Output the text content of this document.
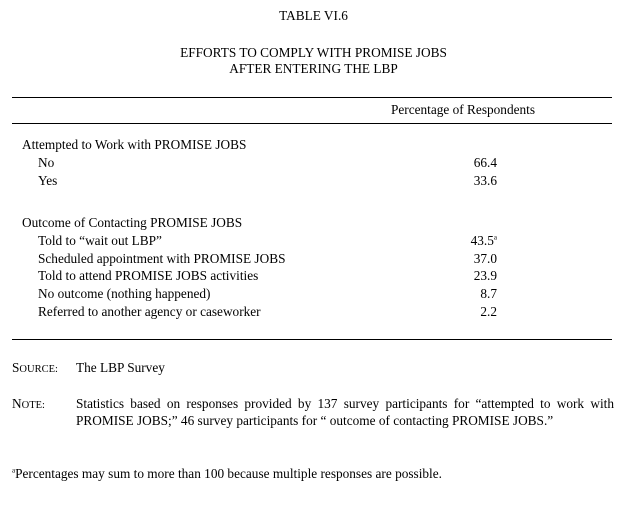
TABLE VI.6
EFFORTS TO COMPLY WITH PROMISE JOBS
AFTER ENTERING THE LBP
Percentage of Respondents
Attempted to Work with PROMISE JOBS
No	66.4
Yes	33.6
Outcome of Contacting PROMISE JOBS
Told to “wait out LBP”	43.5$^a$
Scheduled appointment with PROMISE JOBS	37.0
Told to attend PROMISE JOBS activities	23.9
No outcome (nothing happened)	8.7
Referred to another agency or caseworker	2.2
SOURCE: The LBP Survey
NOTE: Statistics based on responses provided by 137 survey participants for “attempted to work with PROMISE JOBS;” 46 survey participants for “ outcome of contacting PROMISE JOBS.”
$^a$Percentages may sum to more than 100 because multiple responses are possible.
